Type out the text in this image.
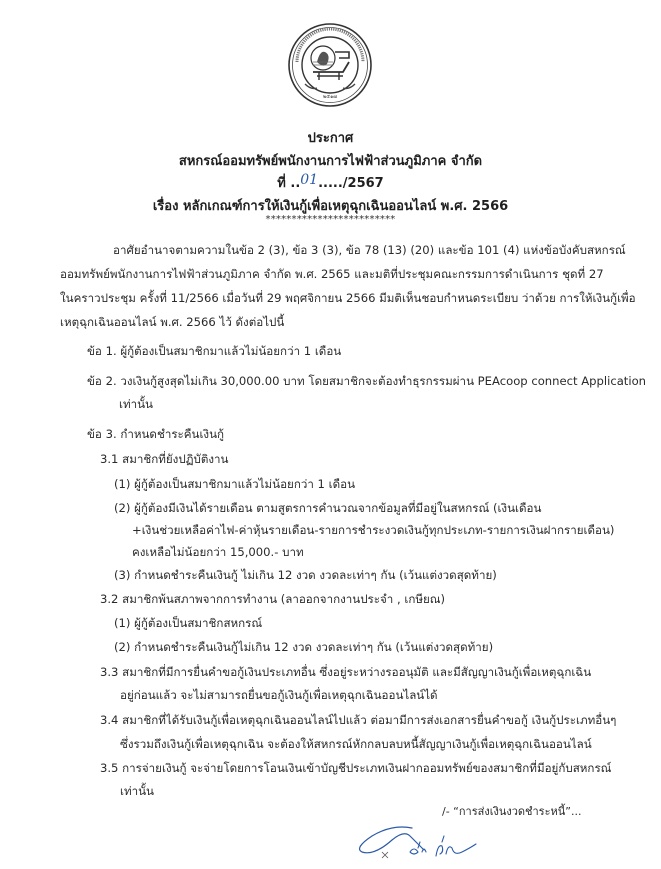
๒๕๑๗
ประกาศ
สหกรณ์ออมทรัพย์พนักงานการไฟฟ้าส่วนภูมิภาค จำกัด
ที่ ..01...../2567
เรื่อง หลักเกณฑ์การให้เงินกู้เพื่อเหตุฉุกเฉินออนไลน์ พ.ศ. 2566
*************************
อาศัยอำนาจตามความในข้อ 2 (3), ข้อ 3 (3), ข้อ 78 (13) (20) และข้อ 101 (4) แห่งข้อบังคับสหกรณ์
ออมทรัพย์พนักงานการไฟฟ้าส่วนภูมิภาค จำกัด พ.ศ. 2565 และมติที่ประชุมคณะกรรมการดำเนินการ ชุดที่ 27
ในคราวประชุม ครั้งที่ 11/2566 เมื่อวันที่ 29 พฤศจิกายน 2566 มีมติเห็นชอบกำหนดระเบียบ ว่าด้วย การให้เงินกู้เพื่อ
เหตุฉุกเฉินออนไลน์ พ.ศ. 2566 ไว้ ดังต่อไปนี้
ข้อ 1. ผู้กู้ต้องเป็นสมาชิกมาแล้วไม่น้อยกว่า 1 เดือน
ข้อ 2. วงเงินกู้สูงสุดไม่เกิน 30,000.00 บาท โดยสมาชิกจะต้องทำธุรกรรมผ่าน PEAcoop connect Application
เท่านั้น
ข้อ 3. กำหนดชำระคืนเงินกู้
3.1 สมาชิกที่ยังปฏิบัติงาน
(1) ผู้กู้ต้องเป็นสมาชิกมาแล้วไม่น้อยกว่า 1 เดือน
(2) ผู้กู้ต้องมีเงินได้รายเดือน ตามสูตรการคำนวณจากข้อมูลที่มีอยู่ในสหกรณ์ (เงินเดือน
+เงินช่วยเหลือค่าไฟ-ค่าหุ้นรายเดือน-รายการชำระงวดเงินกู้ทุกประเภท-รายการเงินฝากรายเดือน)
คงเหลือไม่น้อยกว่า 15,000.- บาท
(3) กำหนดชำระคืนเงินกู้ ไม่เกิน 12 งวด งวดละเท่าๆ กัน (เว้นแต่งวดสุดท้าย)
3.2 สมาชิกพ้นสภาพจากการทำงาน (ลาออกจากงานประจำ , เกษียณ)
(1) ผู้กู้ต้องเป็นสมาชิกสหกรณ์
(2) กำหนดชำระคืนเงินกู้ไม่เกิน 12 งวด งวดละเท่าๆ กัน (เว้นแต่งวดสุดท้าย)
3.3 สมาชิกที่มีการยื่นคำขอกู้เงินประเภทอื่น ซึ่งอยู่ระหว่างรออนุมัติ และมีสัญญาเงินกู้เพื่อเหตุฉุกเฉิน
อยู่ก่อนแล้ว จะไม่สามารถยื่นขอกู้เงินกู้เพื่อเหตุฉุกเฉินออนไลน์ได้
3.4 สมาชิกที่ได้รับเงินกู้เพื่อเหตุฉุกเฉินออนไลน์ไปแล้ว ต่อมามีการส่งเอกสารยื่นคำขอกู้ เงินกู้ประเภทอื่นๆ
ซึ่งรวมถึงเงินกู้เพื่อเหตุฉุกเฉิน จะต้องให้สหกรณ์หักกลบลบหนี้สัญญาเงินกู้เพื่อเหตุฉุกเฉินออนไลน์
3.5 การจ่ายเงินกู้ จะจ่ายโดยการโอนเงินเข้าบัญชีประเภทเงินฝากออมทรัพย์ของสมาชิกที่มีอยู่กับสหกรณ์
เท่านั้น
/- “การส่งเงินงวดชำระหนี้”...
